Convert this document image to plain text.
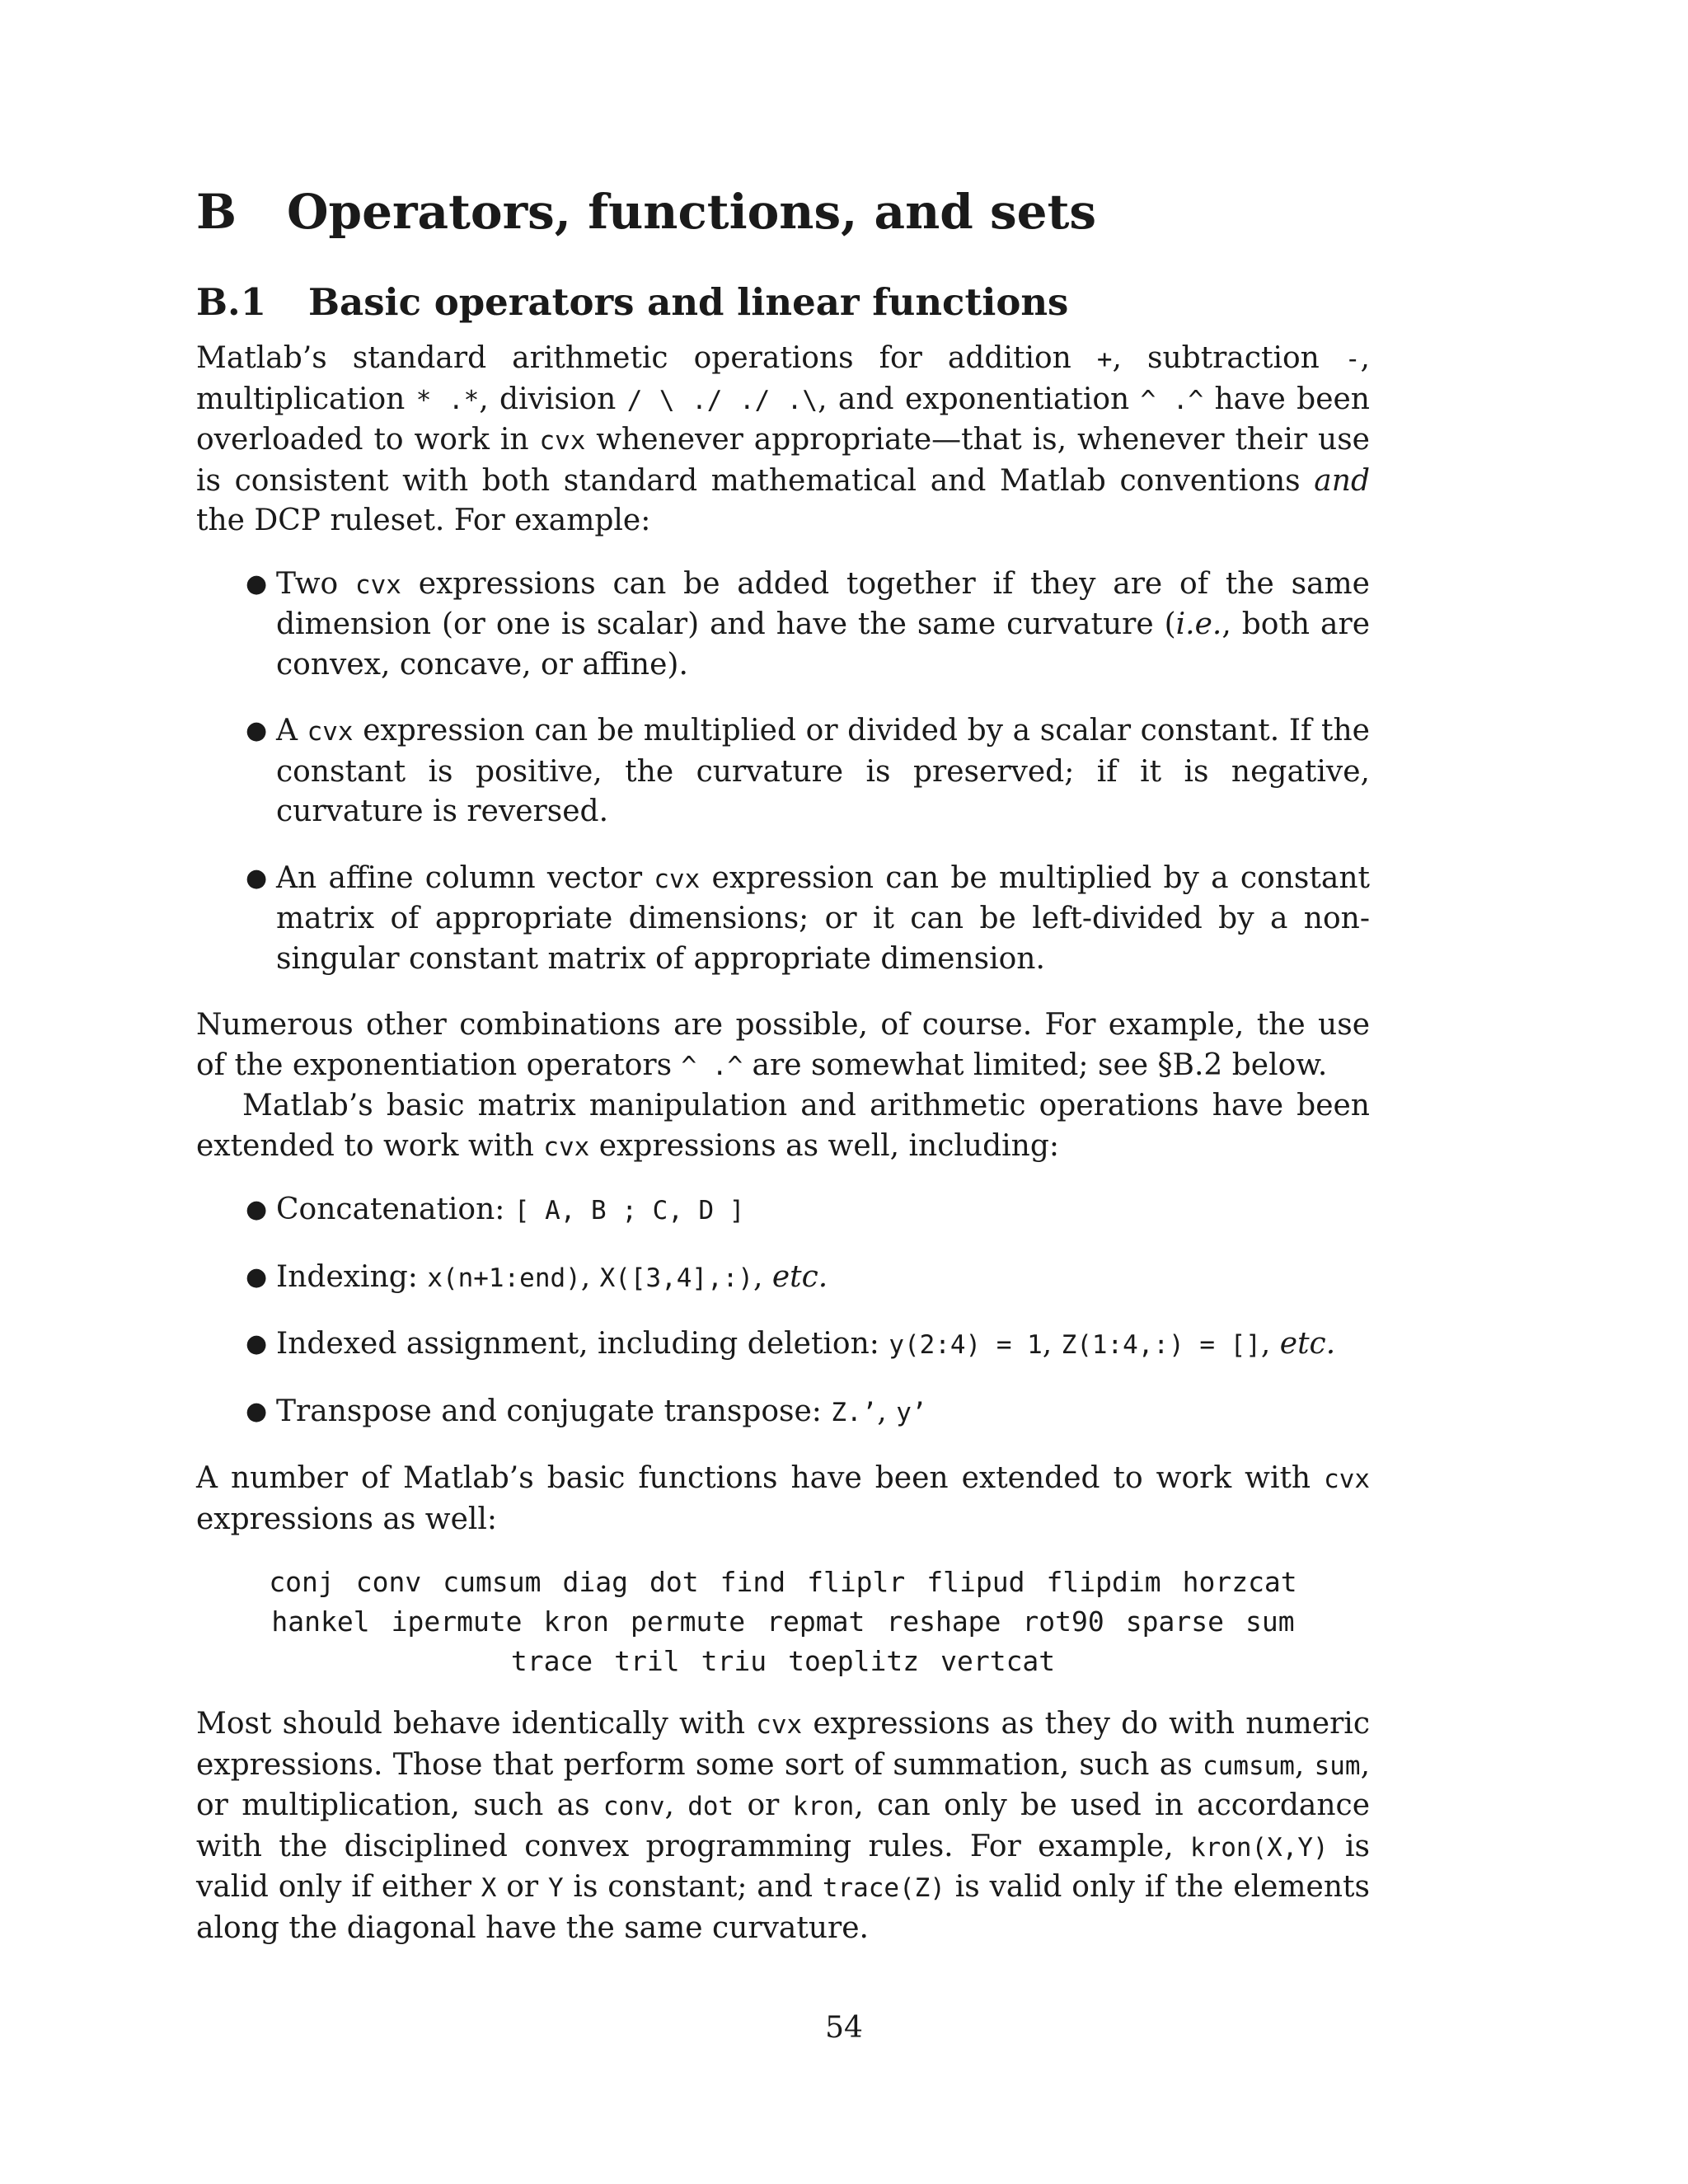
B	Operators, functions, and sets
B.1	Basic operators and linear functions

Matlab’s standard arithmetic operations for addition +, subtraction -, multiplication * .*, division / \ ./ ./ .\, and exponentiation ^ .^ have been overloaded to work in cvx whenever appropriate—that is, whenever their use is consistent with both standard mathematical and Matlab conventions and the DCP ruleset. For example:

● Two cvx expressions can be added together if they are of the same dimension (or one is scalar) and have the same curvature (i.e., both are convex, concave, or affine).
● A cvx expression can be multiplied or divided by a scalar constant. If the constant is positive, the curvature is preserved; if it is negative, curvature is reversed.
● An affine column vector cvx expression can be multiplied by a constant matrix of appropriate dimensions; or it can be left-divided by a non-singular constant matrix of appropriate dimension.

Numerous other combinations are possible, of course. For example, the use of the exponentiation operators ^ .^ are somewhat limited; see §B.2 below.

Matlab’s basic matrix manipulation and arithmetic operations have been extended to work with cvx expressions as well, including:

● Concatenation: [ A, B ; C, D ]
● Indexing: x(n+1:end), X([3,4],:), etc.
● Indexed assignment, including deletion: y(2:4) = 1, Z(1:4,:) = [], etc.
● Transpose and conjugate transpose: Z.’, y’

A number of Matlab’s basic functions have been extended to work with cvx expressions as well:

conj conv cumsum diag dot find fliplr flipud flipdim horzcat
hankel ipermute kron permute repmat reshape rot90 sparse sum
trace tril triu toeplitz vertcat

Most should behave identically with cvx expressions as they do with numeric expressions. Those that perform some sort of summation, such as cumsum, sum, or multiplication, such as conv, dot or kron, can only be used in accordance with the disciplined convex programming rules. For example, kron(X,Y) is valid only if either X or Y is constant; and trace(Z) is valid only if the elements along the diagonal have the same curvature.

54
